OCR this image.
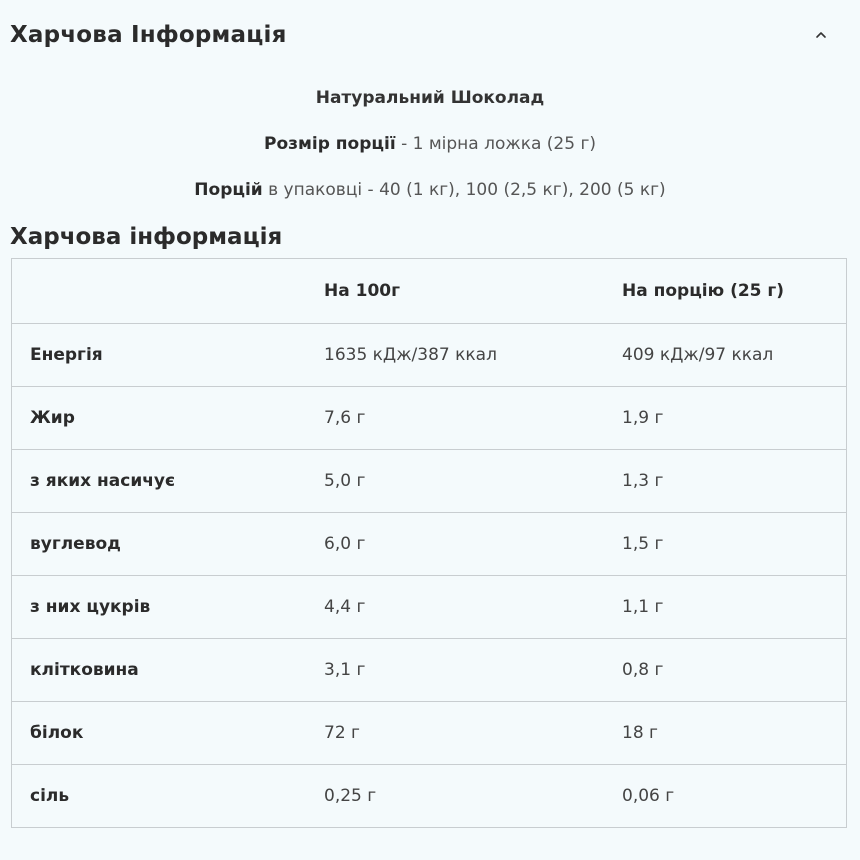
Харчова Інформація
Натуральний Шоколад
Розмір порції - 1 мірна ложка (25 г)
Порцій в упаковці - 40 (1 кг), 100 (2,5 кг), 200 (5 кг)
Харчова інформація
	На 100г	На порцію (25 г)
Енергія	1635 кДж/387 ккал	409 кДж/97 ккал
Жир	7,6 г	1,9 г
з яких насичує	5,0 г	1,3 г
вуглевод	6,0 г	1,5 г
з них цукрів	4,4 г	1,1 г
клітковина	3,1 г	0,8 г
білок	72 г	18 г
сіль	0,25 г	0,06 г
